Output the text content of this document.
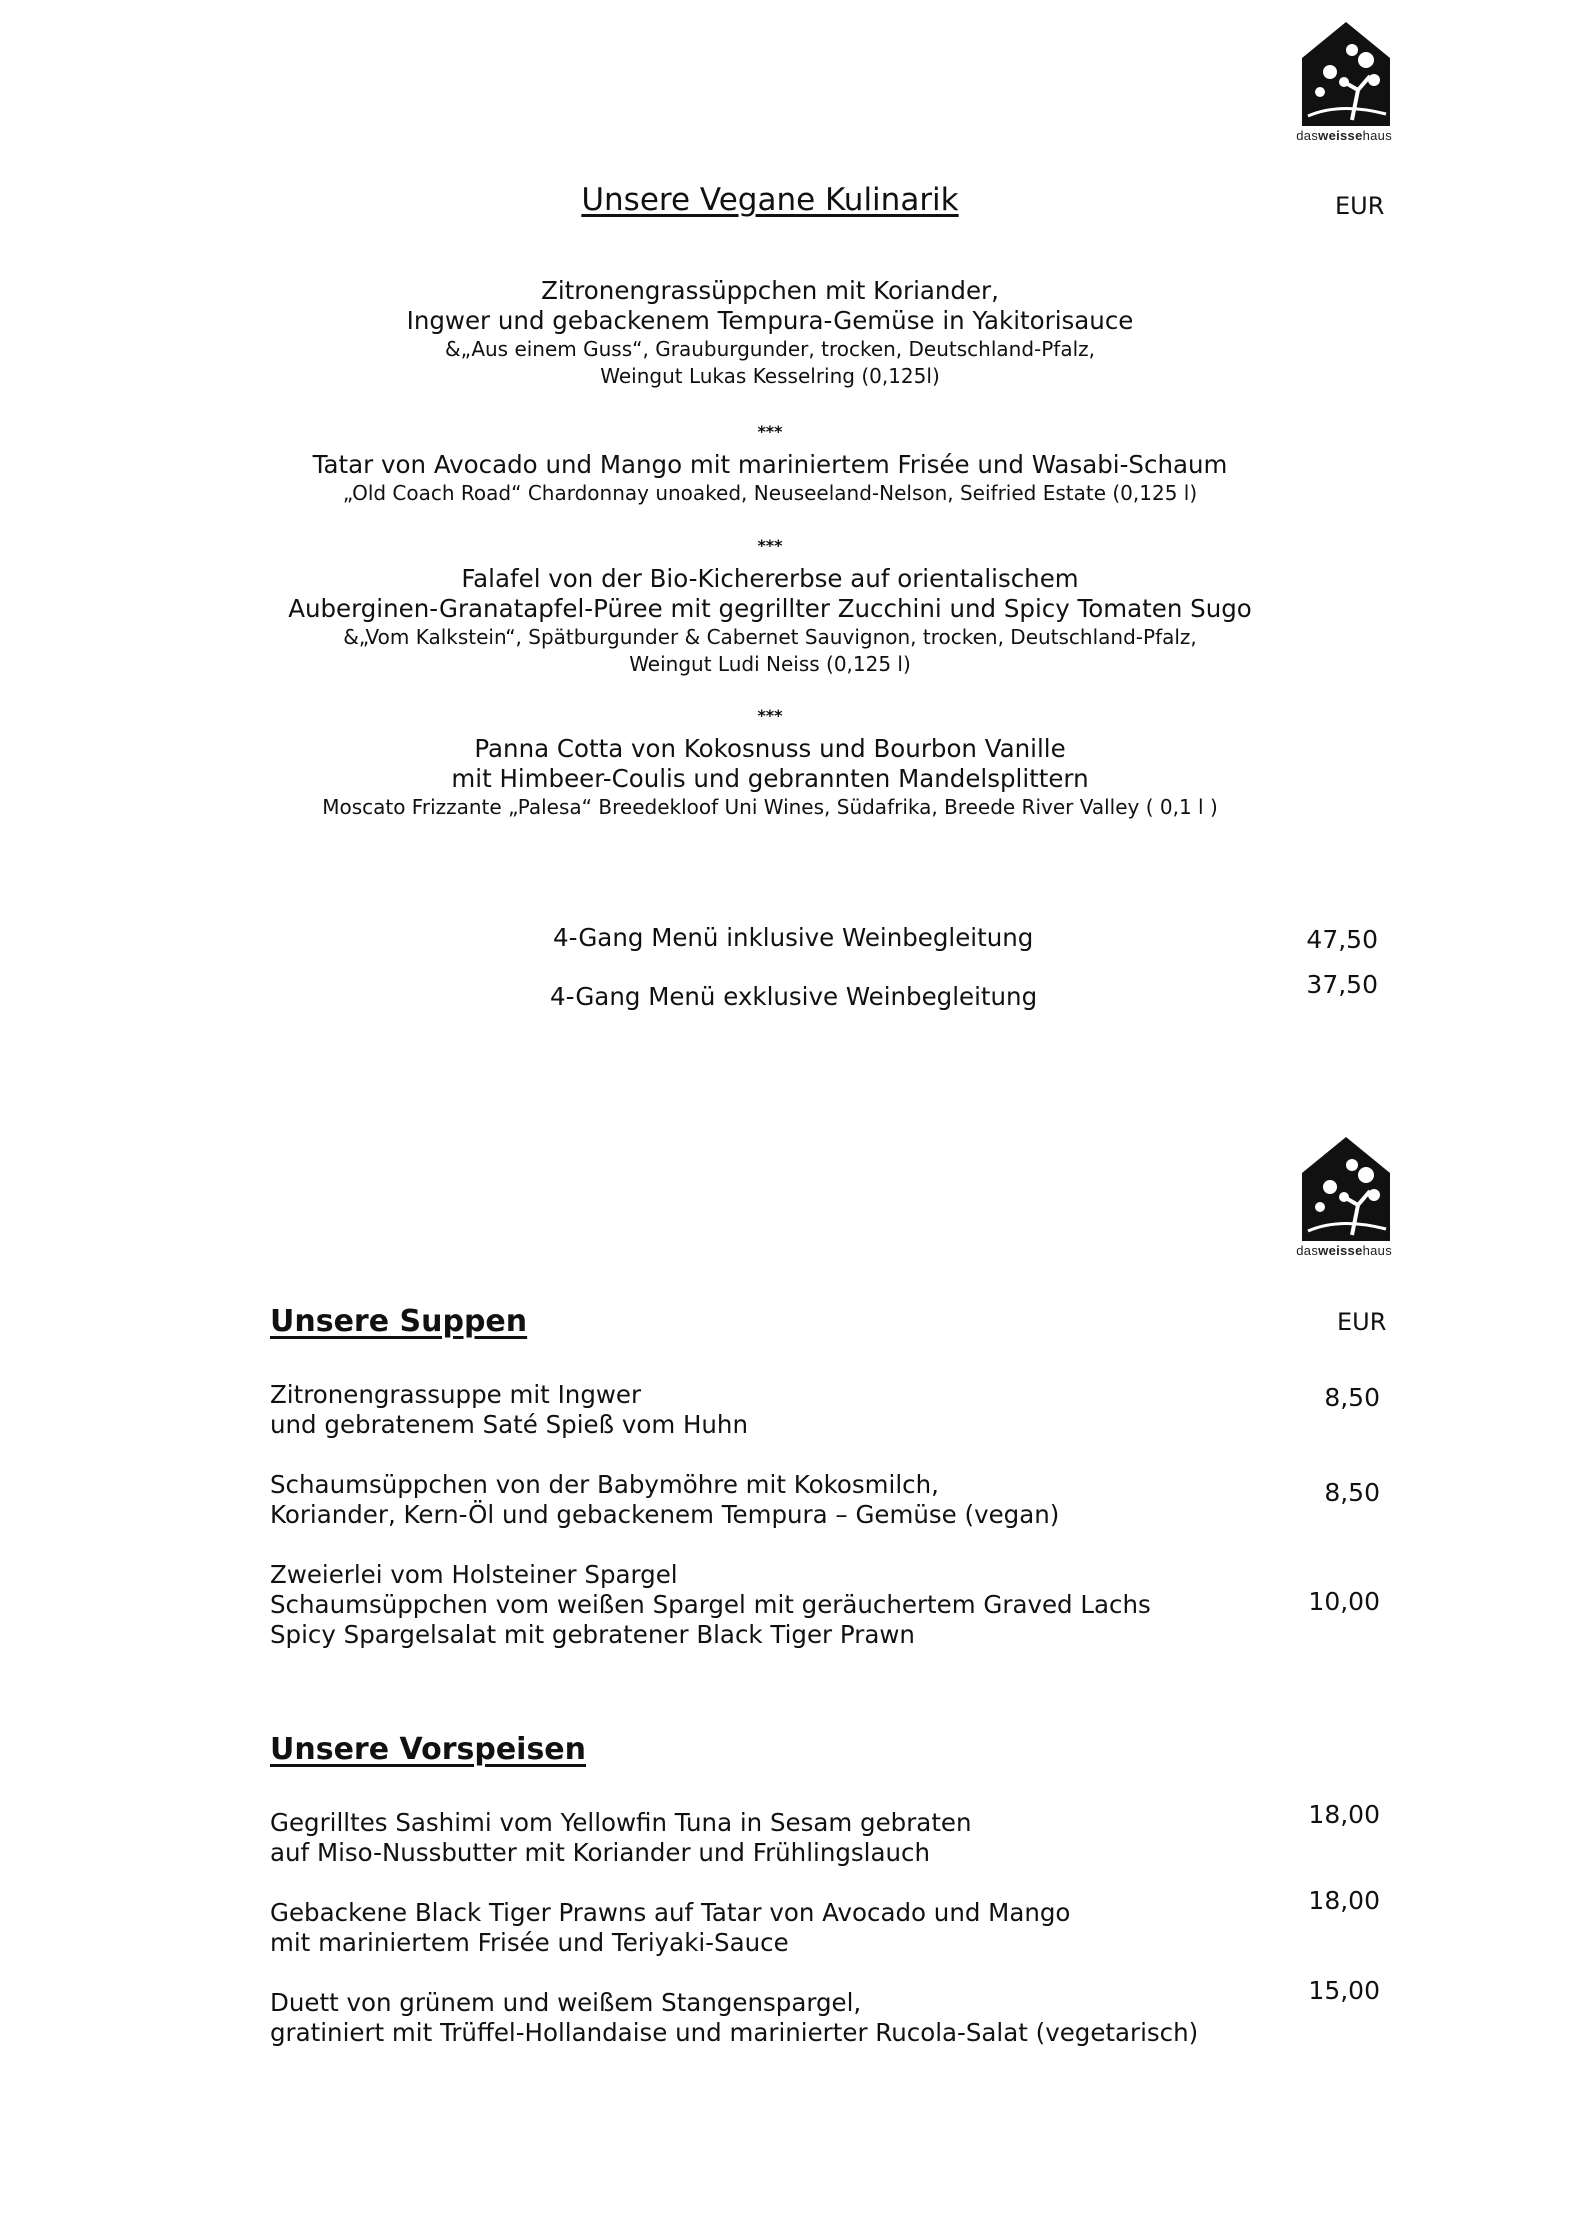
dasweissehaus
Unsere Vegane Kulinarik	EUR
Zitronengrassüppchen mit Koriander,
Ingwer und gebackenem Tempura-Gemüse in Yakitorisauce
&„Aus einem Guss“, Grauburgunder, trocken, Deutschland-Pfalz,
Weingut Lukas Kesselring (0,125l)
***
Tatar von Avocado und Mango mit mariniertem Frisée und Wasabi-Schaum
„Old Coach Road“ Chardonnay unoaked, Neuseeland-Nelson, Seifried Estate (0,125 l)
***
Falafel von der Bio-Kichererbse auf orientalischem
Auberginen-Granatapfel-Püree mit gegrillter Zucchini und Spicy Tomaten Sugo
&„Vom Kalkstein“, Spätburgunder & Cabernet Sauvignon, trocken, Deutschland-Pfalz,
Weingut Ludi Neiss (0,125 l)
***
Panna Cotta von Kokosnuss und Bourbon Vanille
mit Himbeer-Coulis und gebrannten Mandelsplittern
Moscato Frizzante „Palesa“ Breedekloof Uni Wines, Südafrika, Breede River Valley ( 0,1 l )
4-Gang Menü inklusive Weinbegleitung	47,50
4-Gang Menü exklusive Weinbegleitung	37,50
dasweissehaus
Unsere Suppen	EUR
Zitronengrassuppe mit Ingwer
und gebratenem Saté Spieß vom Huhn
8,50
Schaumsüppchen von der Babymöhre mit Kokosmilch,
Koriander, Kern-Öl und gebackenem Tempura – Gemüse (vegan)
8,50
Zweierlei vom Holsteiner Spargel
Schaumsüppchen vom weißen Spargel mit geräuchertem Graved Lachs
Spicy Spargelsalat mit gebratener Black Tiger Prawn
10,00
Unsere Vorspeisen
Gegrilltes Sashimi vom Yellowfin Tuna in Sesam gebraten
auf Miso-Nussbutter mit Koriander und Frühlingslauch
18,00
Gebackene Black Tiger Prawns auf Tatar von Avocado und Mango
mit mariniertem Frisée und Teriyaki-Sauce
18,00
Duett von grünem und weißem Stangenspargel,
gratiniert mit Trüffel-Hollandaise und marinierter Rucola-Salat (vegetarisch)
15,00
